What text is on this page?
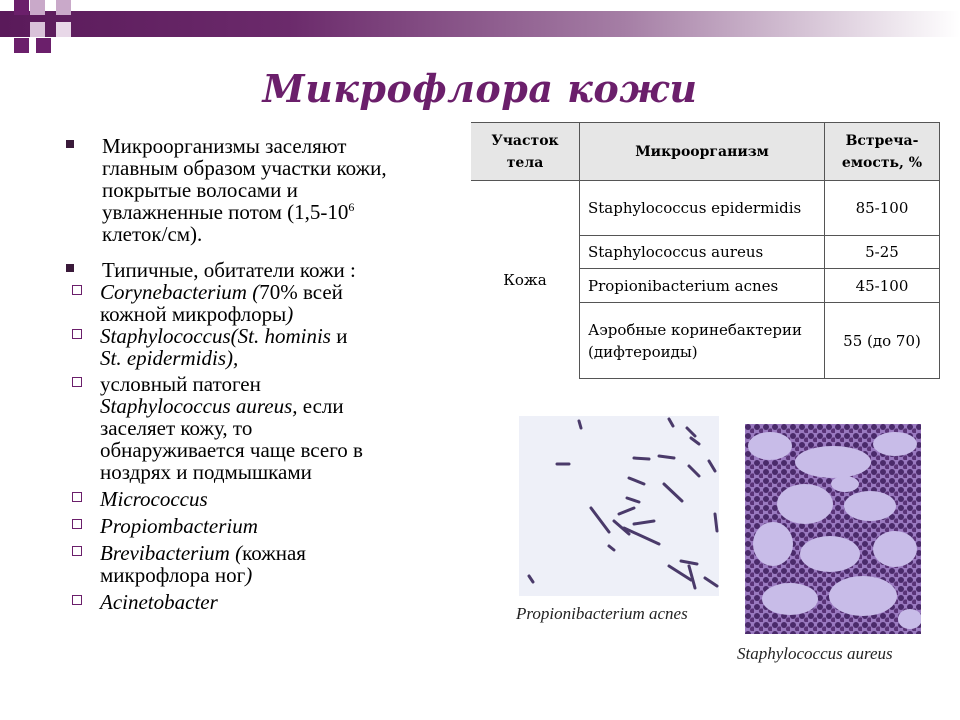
Микрофлора кожи
Микроорганизмы заселяют
главным образом участки кожи,
покрытые волосами и
увлажненные потом ($1,5-10^6$
клеток/см).
Типичные, обитатели кожи :
Corynebacterium (70% всей
кожной микрофлоры)
Staphylococcus(St. hominis и
St. epidermidis),
условный патоген
Staphylococcus aureus, если
заселяет кожу, то
обнаруживается чаще всего в
ноздрях и подмышками
Micrococcus
Propiombacterium
Brevibacterium (кожная
микрофлора ног)
Acinetobacter
Участок тела	Микроорганизм	Встреча-емость, %
Кожа	Staphylococcus epidermidis	85-100
	Staphylococcus aureus	5-25
	Propionibacterium acnes	45-100
	Аэробные коринебактерии (дифтероиды)	55 (до 70)
Propionibacterium acnes
Staphylococcus aureus
